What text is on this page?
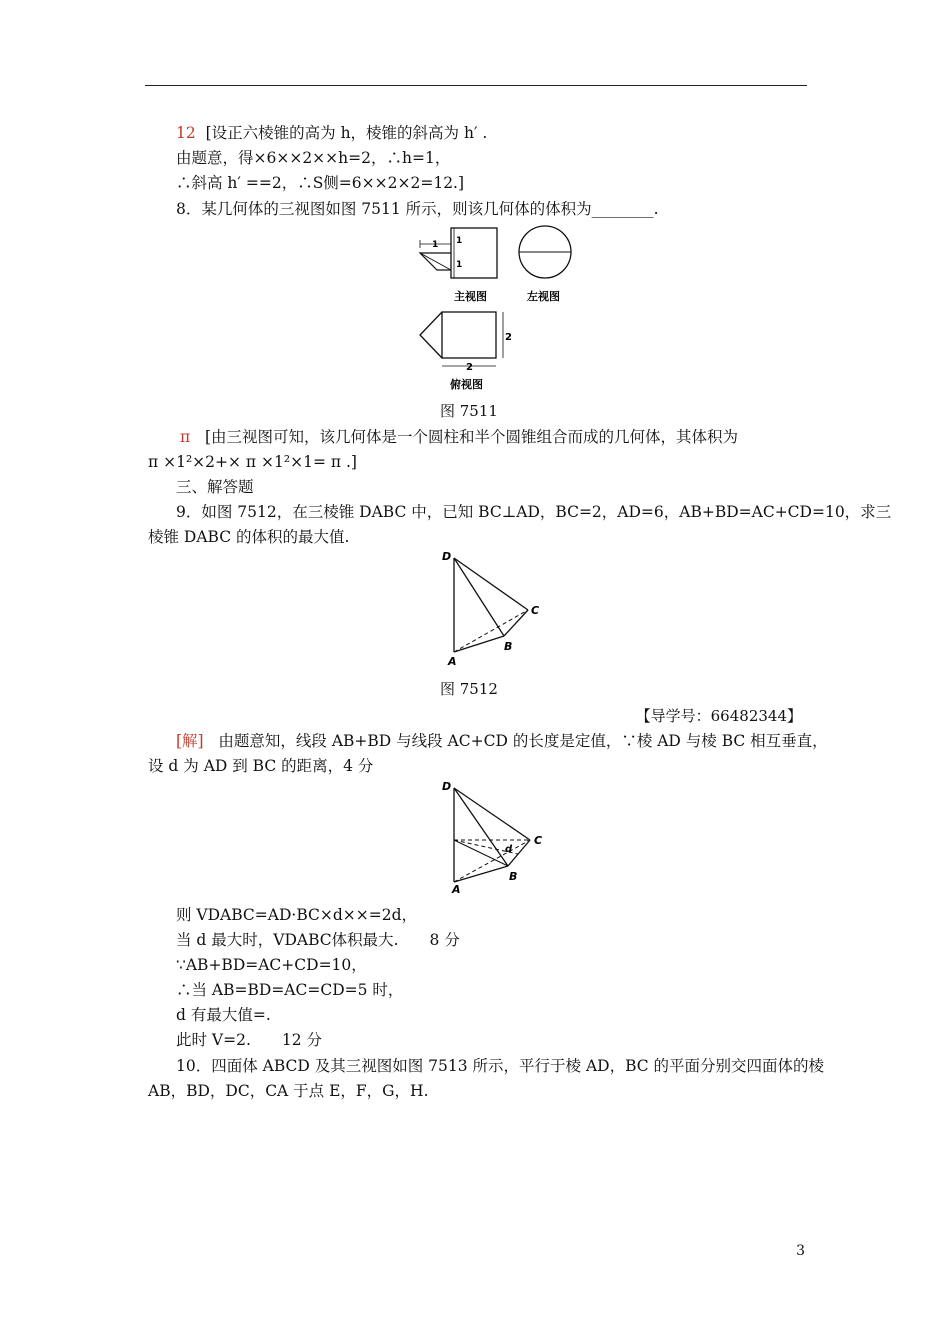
12 [设正六棱锥的高为 h，棱锥的斜高为 h′ .
由题意，得×6××2××h=2，∴h=1，
∴斜高 h′ ==2，∴S侧=6××2×2=12.]
8．某几何体的三视图如图 7511 所示，则该几何体的体积为________.
1 1
1
主视图	左视图
2
2
俯视图
图 7511
π [由三视图可知，该几何体是一个圆柱和半个圆锥组合而成的几何体，其体积为
π ×1²×2+× π ×1²×1= π .]
三、解答题
9．如图 7512，在三棱锥 DABC 中，已知 BC⊥AD，BC=2，AD=6，AB+BD=AC+CD=10，求三
棱锥 DABC 的体积的最大值.
D
A
B
C
图 7512
【导学号：66482344】
[解] 由题意知，线段 AB+BD 与线段 AC+CD 的长度是定值，∵棱 AD 与棱 BC 相互垂直，
设 d 为 AD 到 BC 的距离，4 分
D
A
B
C
d
则 VDABC=AD·BC×d××=2d，
当 d 最大时，VDABC体积最大.　　8 分
∵AB+BD=AC+CD=10，
∴当 AB=BD=AC=CD=5 时，
d 有最大值=.
此时 V=2.　　12 分
10．四面体 ABCD 及其三视图如图 7513 所示，平行于棱 AD，BC 的平面分别交四面体的棱
AB，BD，DC，CA 于点 E，F，G，H.
3
